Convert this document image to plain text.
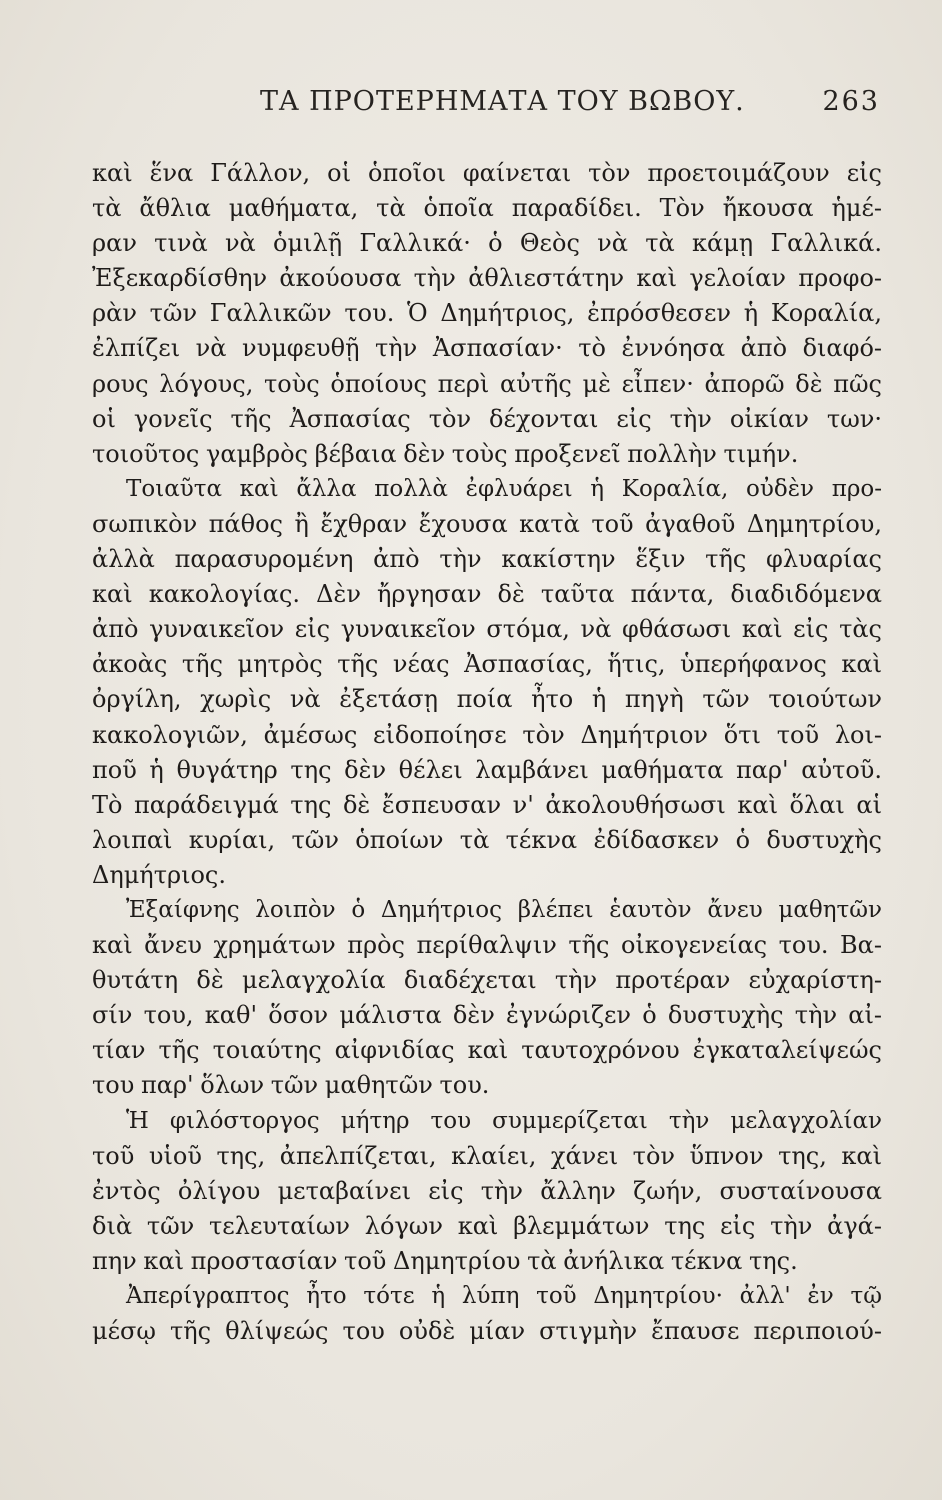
ΤΑ ΠΡΟΤΕΡΗΜΑΤΑ ΤΟΥ ΒΩΒΟΥ.	263
καὶ ἕνα Γάλλον, οἱ ὁποῖοι φαίνεται τὸν προετοιμάζουν εἰς
τὰ ἄθλια μαθήματα, τὰ ὁποῖα παραδίδει. Τὸν ἤκουσα ἡμέ-
ραν τινὰ νὰ ὁμιλῇ Γαλλικά· ὁ Θεὸς νὰ τὰ κάμῃ Γαλλικά.
Ἐξεκαρδίσθην ἀκούουσα τὴν ἀθλιεστάτην καὶ γελοίαν προφο-
ρὰν τῶν Γαλλικῶν του. Ὁ Δημήτριος, ἐπρόσθεσεν ἡ Κοραλία,
ἐλπίζει νὰ νυμφευθῇ τὴν Ἀσπασίαν· τὸ ἐννόησα ἀπὸ διαφό-
ρους λόγους, τοὺς ὁποίους περὶ αὐτῆς μὲ εἶπεν· ἀπορῶ δὲ πῶς
οἱ γονεῖς τῆς Ἀσπασίας τὸν δέχονται εἰς τὴν οἰκίαν των·
τοιοῦτος γαμβρὸς βέβαια δὲν τοὺς προξενεῖ πολλὴν τιμήν.
Τοιαῦτα καὶ ἄλλα πολλὰ ἐφλυάρει ἡ Κοραλία, οὐδὲν προ-
σωπικὸν πάθος ἢ ἔχθραν ἔχουσα κατὰ τοῦ ἀγαθοῦ Δημητρίου,
ἀλλὰ παρασυρομένη ἀπὸ τὴν κακίστην ἕξιν τῆς φλυαρίας
καὶ κακολογίας. Δὲν ἤργησαν δὲ ταῦτα πάντα, διαδιδόμενα
ἀπὸ γυναικεῖον εἰς γυναικεῖον στόμα, νὰ φθάσωσι καὶ εἰς τὰς
ἀκοὰς τῆς μητρὸς τῆς νέας Ἀσπασίας, ἥτις, ὑπερήφανος καὶ
ὀργίλη, χωρὶς νὰ ἐξετάσῃ ποία ἦτο ἡ πηγὴ τῶν τοιούτων
κακολογιῶν, ἀμέσως εἰδοποίησε τὸν Δημήτριον ὅτι τοῦ λοι-
ποῦ ἡ θυγάτηρ της δὲν θέλει λαμβάνει μαθήματα παρ' αὐτοῦ.
Τὸ παράδειγμά της δὲ ἔσπευσαν ν' ἀκολουθήσωσι καὶ ὅλαι αἱ
λοιπαὶ κυρίαι, τῶν ὁποίων τὰ τέκνα ἐδίδασκεν ὁ δυστυχὴς
Δημήτριος.
Ἐξαίφνης λοιπὸν ὁ Δημήτριος βλέπει ἑαυτὸν ἄνευ μαθητῶν
καὶ ἄνευ χρημάτων πρὸς περίθαλψιν τῆς οἰκογενείας του. Βα-
θυτάτη δὲ μελαγχολία διαδέχεται τὴν προτέραν εὐχαρίστη-
σίν του, καθ' ὅσον μάλιστα δὲν ἐγνώριζεν ὁ δυστυχὴς τὴν αἰ-
τίαν τῆς τοιαύτης αἰφνιδίας καὶ ταυτοχρόνου ἐγκαταλείψεώς
του παρ' ὅλων τῶν μαθητῶν του.
Ἡ φιλόστοργος μήτηρ του συμμερίζεται τὴν μελαγχολίαν
τοῦ υἱοῦ της, ἀπελπίζεται, κλαίει, χάνει τὸν ὕπνον της, καὶ
ἐντὸς ὀλίγου μεταβαίνει εἰς τὴν ἄλλην ζωήν, συσταίνουσα
διὰ τῶν τελευταίων λόγων καὶ βλεμμάτων της εἰς τὴν ἀγά-
πην καὶ προστασίαν τοῦ Δημητρίου τὰ ἀνήλικα τέκνα της.
Ἀπερίγραπτος ἦτο τότε ἡ λύπη τοῦ Δημητρίου· ἀλλ' ἐν τῷ
μέσῳ τῆς θλίψεώς του οὐδὲ μίαν στιγμὴν ἔπαυσε περιποιού-
